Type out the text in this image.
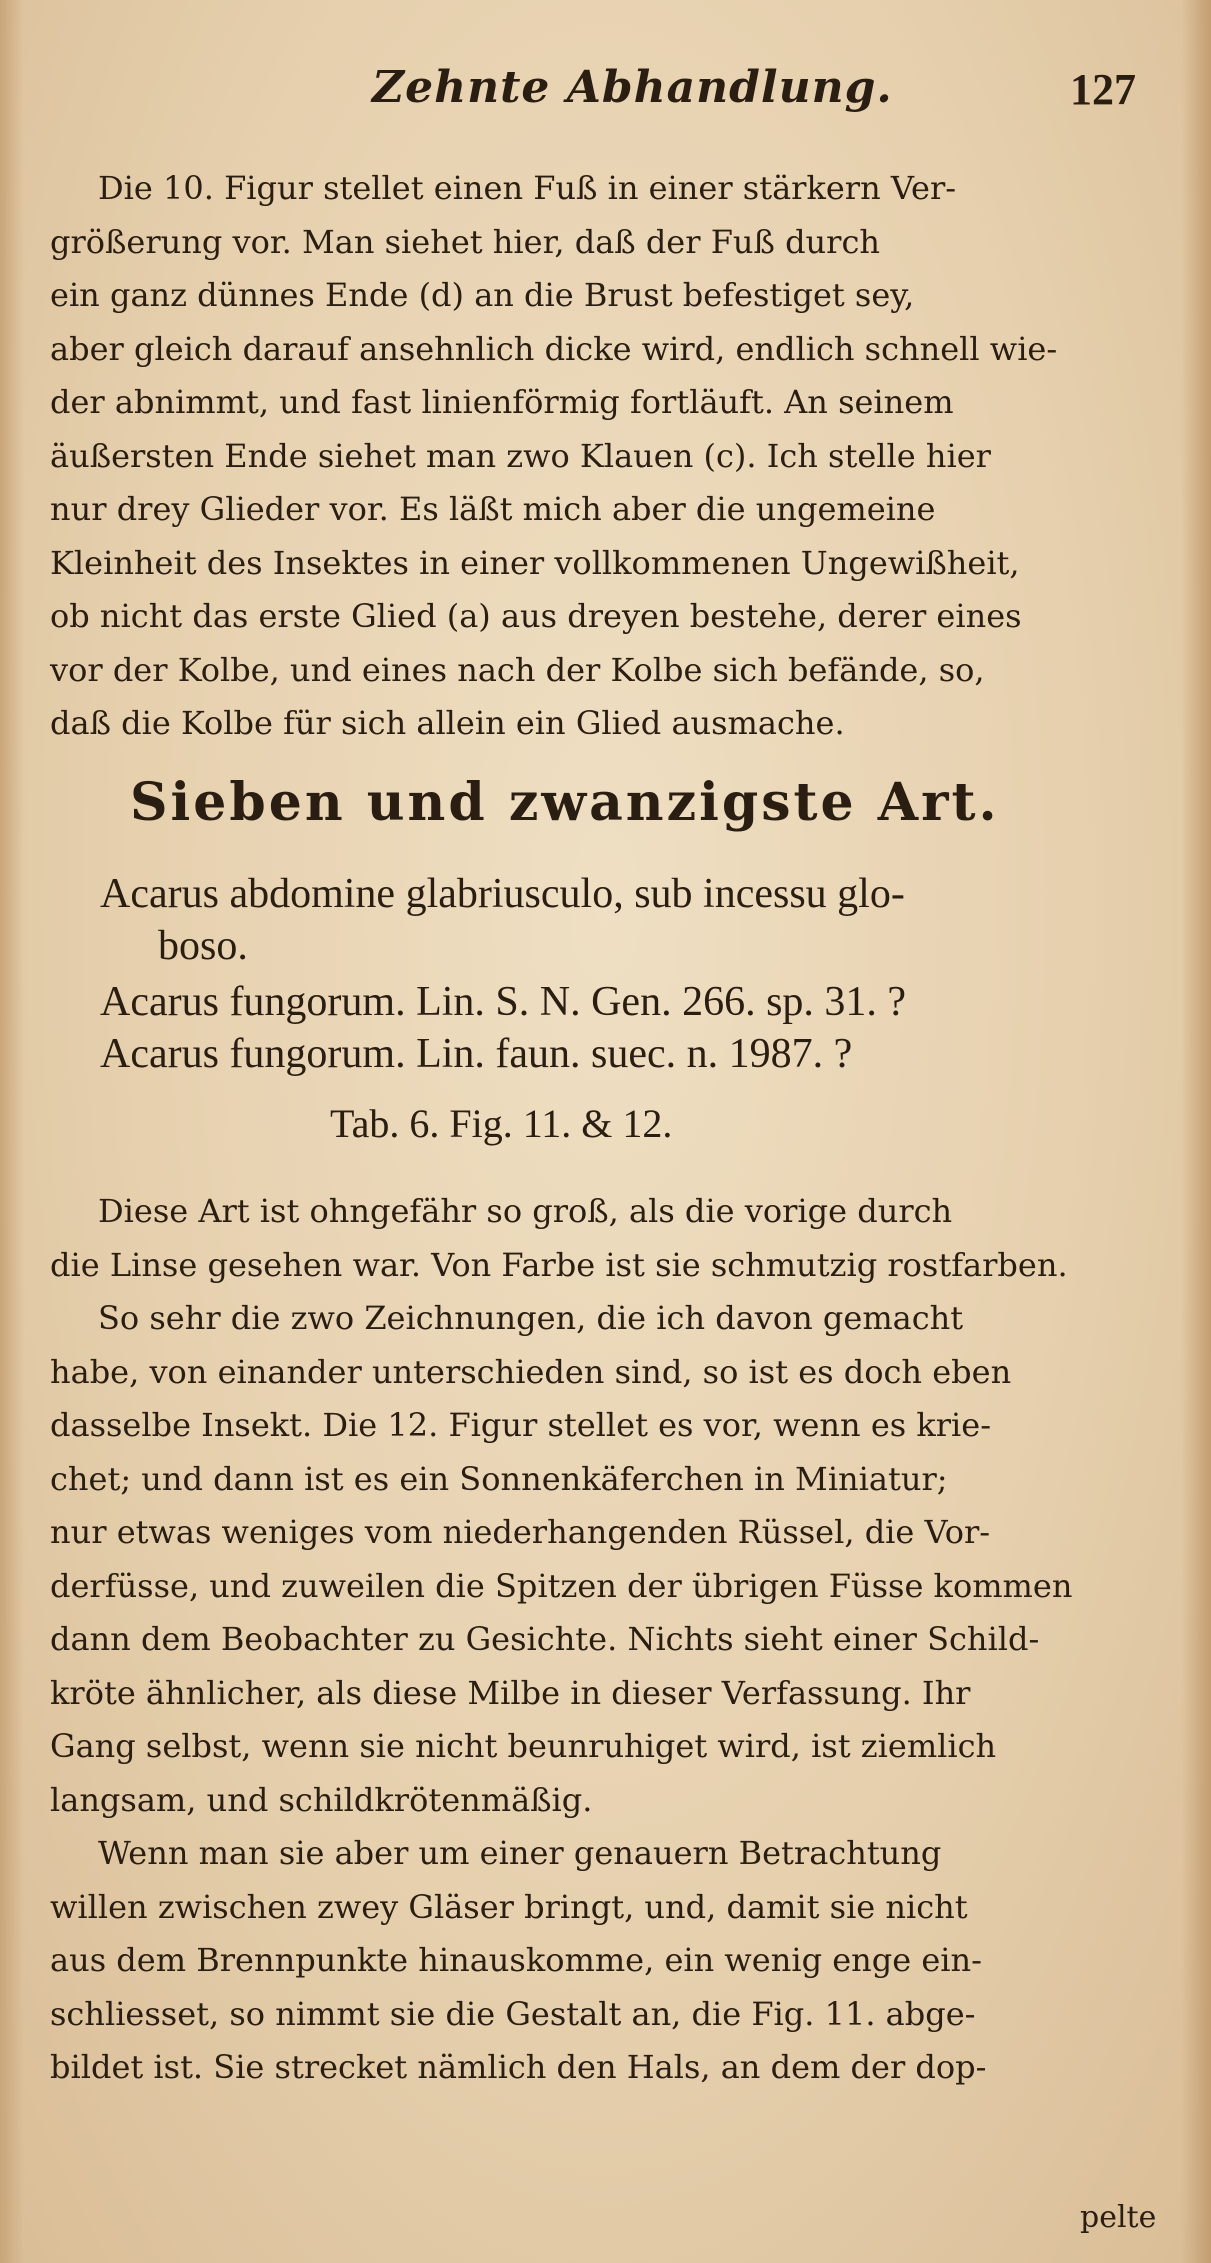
Zehnte Abhandlung.	127

Die 10. Figur stellet einen Fuß in einer stärkern Ver-
größerung vor. Man siehet hier, daß der Fuß durch
ein ganz dünnes Ende (d) an die Brust befestiget sey,
aber gleich darauf ansehnlich dicke wird, endlich schnell wie-
der abnimmt, und fast linienförmig fortläuft. An seinem
äußersten Ende siehet man zwo Klauen (c). Ich stelle hier
nur drey Glieder vor. Es läßt mich aber die ungemeine
Kleinheit des Insektes in einer vollkommenen Ungewißheit,
ob nicht das erste Glied (a) aus dreyen bestehe, derer eines
vor der Kolbe, und eines nach der Kolbe sich befände, so,
daß die Kolbe für sich allein ein Glied ausmache.

Sieben und zwanzigste Art.
Acarus abdomine glabriusculo, sub incessu glo-
boso.
Acarus fungorum. Lin. S. N. Gen. 266. sp. 31. ?
Acarus fungorum. Lin. faun. suec. n. 1987. ?
Tab. 6. Fig. 11. & 12.

Diese Art ist ohngefähr so groß, als die vorige durch
die Linse gesehen war. Von Farbe ist sie schmutzig rostfarben.

So sehr die zwo Zeichnungen, die ich davon gemacht
habe, von einander unterschieden sind, so ist es doch eben
dasselbe Insekt. Die 12. Figur stellet es vor, wenn es krie-
chet; und dann ist es ein Sonnenkäferchen in Miniatur;
nur etwas weniges vom niederhangenden Rüssel, die Vor-
derfüsse, und zuweilen die Spitzen der übrigen Füsse kommen
dann dem Beobachter zu Gesichte. Nichts sieht einer Schild-
kröte ähnlicher, als diese Milbe in dieser Verfassung. Ihr
Gang selbst, wenn sie nicht beunruhiget wird, ist ziemlich
langsam, und schildkrötenmäßig.

Wenn man sie aber um einer genauern Betrachtung
willen zwischen zwey Gläser bringt, und, damit sie nicht
aus dem Brennpunkte hinauskomme, ein wenig enge ein-
schliesset, so nimmt sie die Gestalt an, die Fig. 11. abge-
bildet ist. Sie strecket nämlich den Hals, an dem der dop-

pelte
